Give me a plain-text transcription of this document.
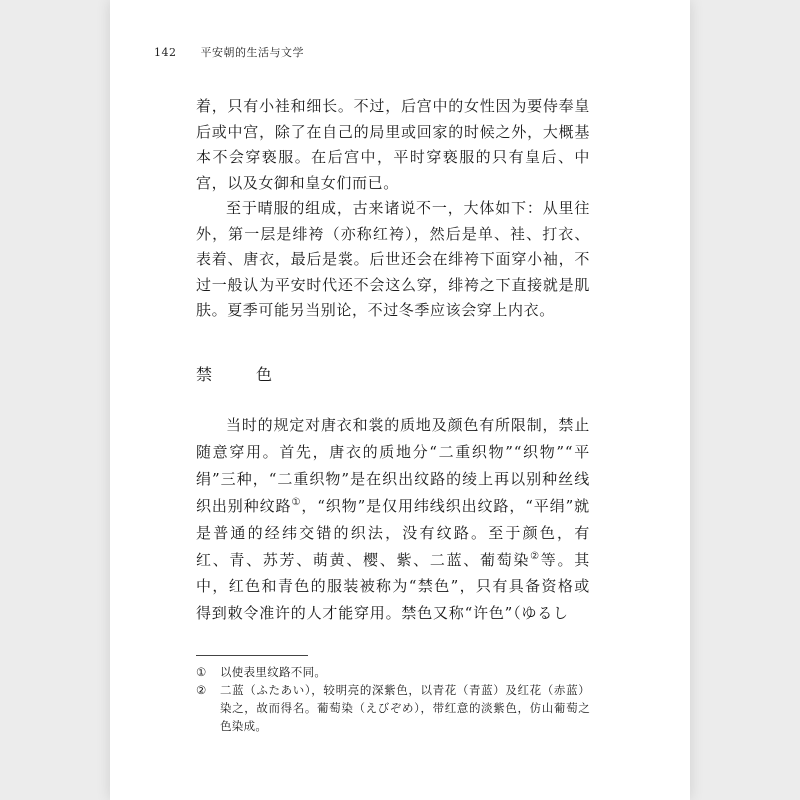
142 平安朝的生活与文学

着，只有小袿和细长。不过，后宫中的女性因为要侍奉皇后或中宫，除了在自己的局里或回家的时候之外，大概基本不会穿亵服。在后宫中，平时穿亵服的只有皇后、中宫，以及女御和皇女们而已。

至于晴服的组成，古来诸说不一，大体如下：从里往外，第一层是绯袴（亦称红袴），然后是单、袿、打衣、表着、唐衣，最后是裳。后世还会在绯袴下面穿小袖，不过一般认为平安时代还不会这么穿，绯袴之下直接就是肌肤。夏季可能另当别论，不过冬季应该会穿上内衣。

禁　色

当时的规定对唐衣和裳的质地及颜色有所限制，禁止随意穿用。首先，唐衣的质地分“二重织物”“织物”“平绢”三种，“二重织物”是在织出纹路的绫上再以别种丝线织出别种纹路①，“织物”是仅用纬线织出纹路，“平绢”就是普通的经纬交错的织法，没有纹路。至于颜色，有红、青、苏芳、萌黄、樱、紫、二蓝、葡萄染②等。其中，红色和青色的服装被称为“禁色”，只有具备资格或得到敕令准许的人才能穿用。禁色又称“许色”（ゆるし

①	以使表里纹路不同。
②	二蓝（ふたあい），较明亮的深紫色，以青花（青蓝）及红花（赤蓝）染之，故而得名。葡萄染（えびぞめ），带红意的淡紫色，仿山葡萄之色染成。
